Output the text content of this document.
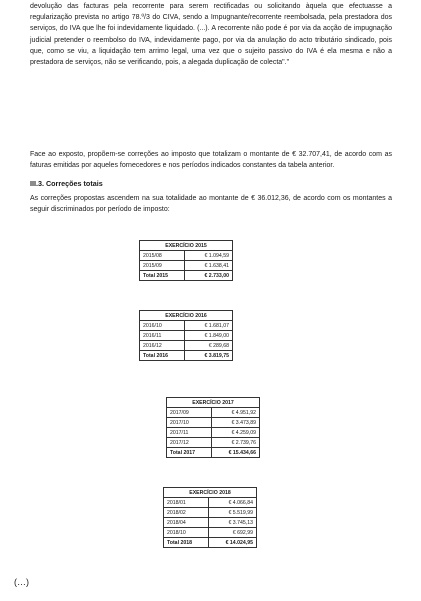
devolução das facturas pela recorrente para serem rectificadas ou solicitando àquela que efectuasse a regularização prevista no artigo 78.º/3 do CIVA, sendo a Impugnante/recorrente reembolsada, pela prestadora dos serviços, do IVA que lhe foi indevidamente liquidado. (...). A recorrente não pode é por via da acção de impugnação judicial pretender o reembolso do IVA, indevidamente pago, por via da anulação do acto tributário sindicado, pois que, como se viu, a liquidação tem arrimo legal, uma vez que o sujeito passivo do IVA é ela mesma e não a prestadora de serviços, não se verificando, pois, a alegada duplicação de colecta"."

Face ao exposto, propõem-se correções ao imposto que totalizam o montante de € 32.707,41, de acordo com as faturas emitidas por aqueles fornecedores e nos períodos indicados constantes da tabela anterior.

III.3. Correções totais

As correções propostas ascendem na sua totalidade ao montante de € 36.012,36, de acordo com os montantes a seguir discriminados por período de imposto:

EXERCÍCIO 2015	
2015/08	€ 1.094,59
2015/09	€ 1.638,41
Total 2015	€ 2.733,00
EXERCÍCIO 2016	
2016/10	€ 1.681,07
2016/11	€ 1.849,00
2016/12	€ 289,68
Total 2016	€ 3.819,75
EXERCÍCIO 2017	
2017/09	€ 4.951,92
2017/10	€ 3.473,89
2017/11	€ 4.259,09
2017/12	€ 2.739,76
Total 2017	€ 15.434,66
EXERCÍCIO 2018	
2018/01	€ 4.066,84
2018/02	€ 5.519,99
2018/04	€ 3.745,13
2018/10	€ 692,99
Total 2018	€ 14.024,95

(…)
